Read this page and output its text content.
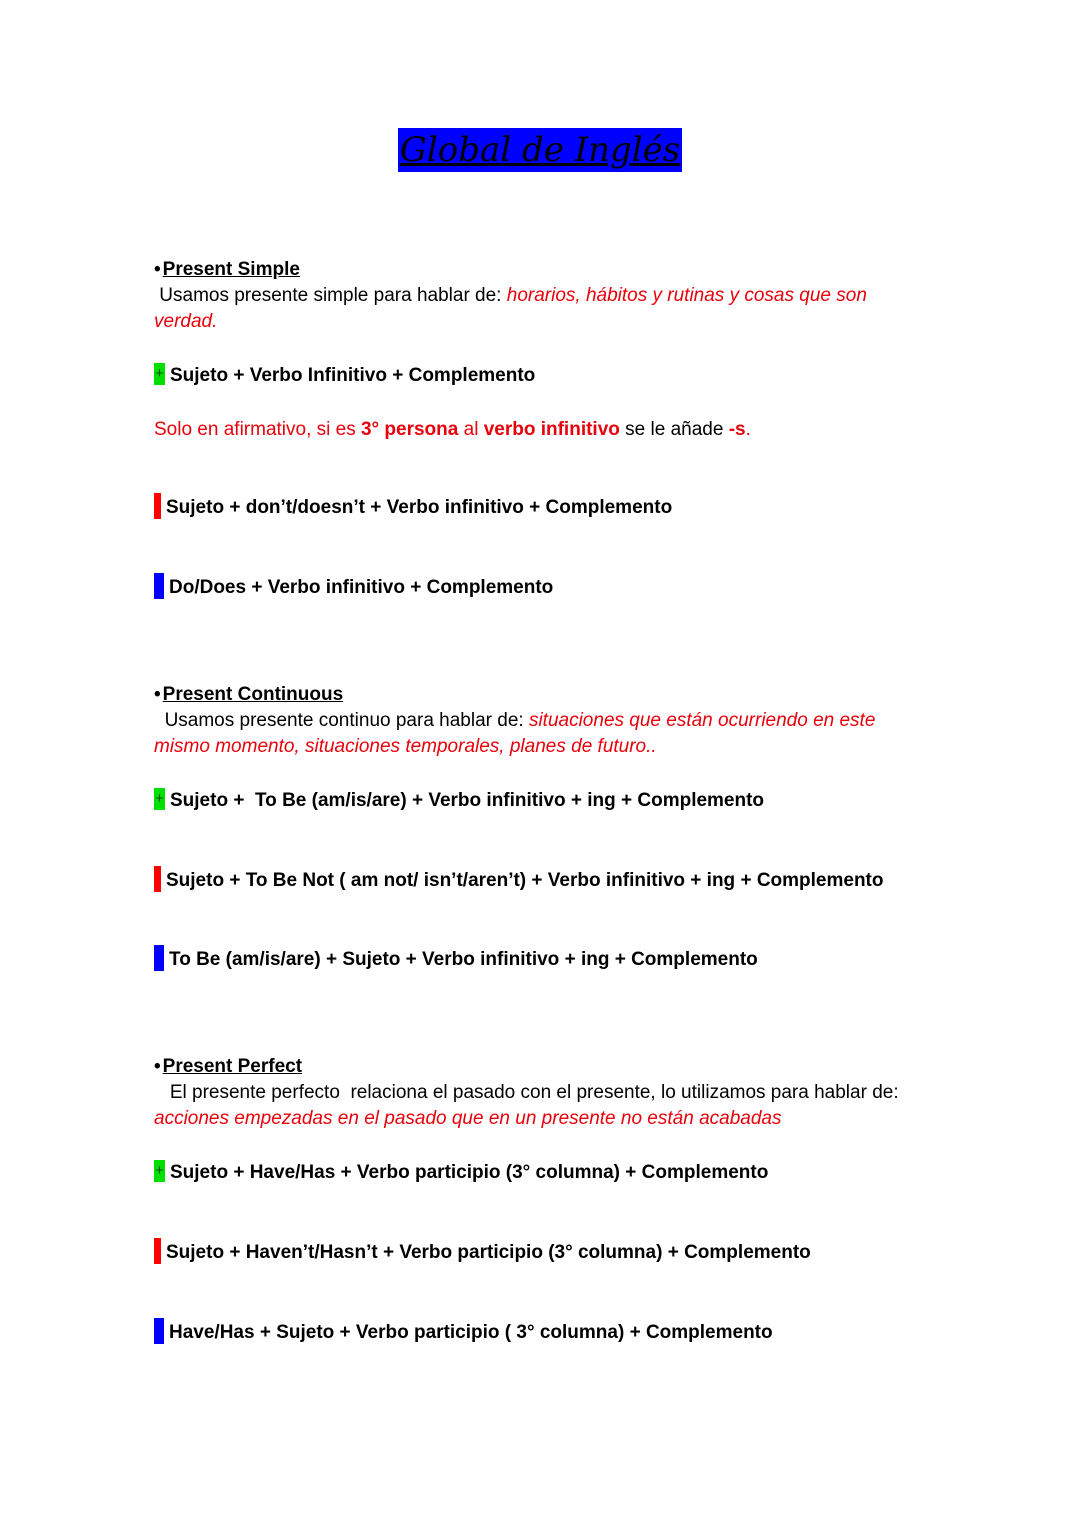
Global de Inglés
• Present Simple
Usamos presente simple para hablar de: horarios, hábitos y rutinas y cosas que son verdad.
+ Sujeto + Verbo Infinitivo + Complemento
Solo en afirmativo, si es 3° persona al verbo infinitivo se le añade -s.
Sujeto + don’t/doesn’t + Verbo infinitivo + Complemento
Do/Does + Verbo infinitivo + Complemento
• Present Continuous
Usamos presente continuo para hablar de: situaciones que están ocurriendo en este mismo momento, situaciones temporales, planes de futuro..
+ Sujeto +  To Be (am/is/are) + Verbo infinitivo + ing + Complemento
Sujeto + To Be Not ( am not/ isn’t/aren’t) + Verbo infinitivo + ing + Complemento
To Be (am/is/are) + Sujeto + Verbo infinitivo + ing + Complemento
• Present Perfect
El presente perfecto  relaciona el pasado con el presente, lo utilizamos para hablar de: acciones empezadas en el pasado que en un presente no están acabadas
+ Sujeto + Have/Has + Verbo participio (3° columna) + Complemento
Sujeto + Haven’t/Hasn’t + Verbo participio (3° columna) + Complemento
Have/Has + Sujeto + Verbo participio ( 3° columna) + Complemento
